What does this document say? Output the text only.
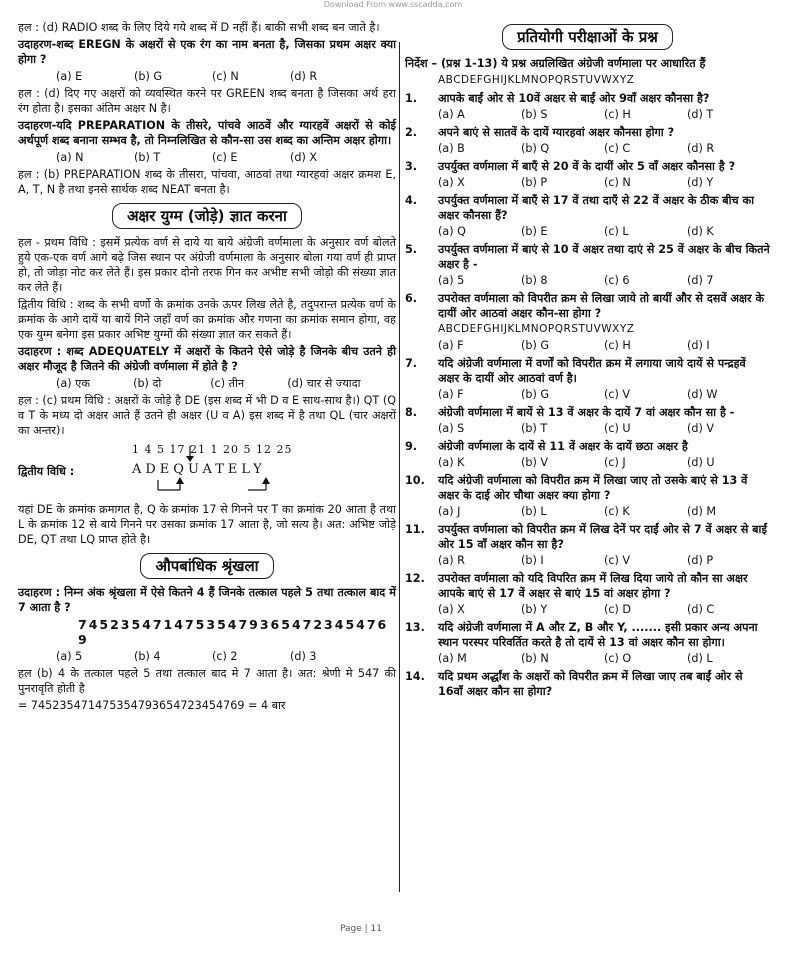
Download From www.sscadda.com

हल : (d) RADIO शब्द के लिए दिये गये शब्द में D नहीं हैं। बाकी सभी शब्द बन जाते है।

उदाहरण-शब्द EREGN के अक्षरों से एक रंग का नाम बनता है, जिसका प्रथम अक्षर क्या होगा ?

(a) E	(b) G	(c) N	(d) R

हल : (d) दिए गए अक्षरों को व्यवस्थित करने पर GREEN शब्द बनता है जिसका अर्थ हरा रंग होता है। इसका अंतिम अक्षर N है।

उदाहरण-यदि PREPARATION के तीसरे, पांचवे आठवें और ग्यारहवें अक्षरों से कोई अर्थपूर्ण शब्द बनाना सम्भव है, तो निम्नलिखित से कौन-सा उस शब्द का अन्तिम अक्षर होगा।

(a) N	(b) T	(c) E	(d) X

हल : (b) PREPARATION शब्द के तीसरा, पांचवा, आठवां तथा ग्यारहवां अक्षर क्रमश E, A, T, N है तथा इनसे सार्थक शब्द NEAT बनता है।

अक्षर युग्म (जोड़े) ज्ञात करना

हल - प्रथम विधि : इसमें प्रत्येक वर्ण से दाये या बाये अंग्रेजी वर्णमाला के अनुसार वर्ण बोलते हुये एक-एक वर्ण आगे बढ़े जिस स्थान पर अंग्रेजी वर्णमाला के अनुसार बोला गया वर्ण ही प्राप्त हो, तो जोड़ा नोट कर लेते हैं। इस प्रकार दोनो तरफ गिन कर अभीष्ट सभी जोड़ो की संख्या ज्ञात कर लेते हैं।

द्वितीय विधि : शब्द के सभी वर्णो के क्रमांक उनके ऊपर लिख लेते है, तदुपरान्त प्रत्येक वर्ण के क्रमांक के आगे दायें या बायें गिने जहाँ वर्ण का क्रमांक और गणना का क्रमांक समान होगा, वह एक युग्म बनेगा इस प्रकार अभिष्ट युग्मों की संख्या ज्ञात कर सकते हैं।

उदाहरण : शब्द ADEQUATELY में अक्षरों के कितने ऐसे जोड़े है जिनके बीच उतने ही अक्षर मौजूद है जितने की अंग्रेजी वर्णमाला में होते है ?

(a) एक	(b) दो	(c) तीन	(d) चार से ज्यादा

हल : (c) प्रथम विधि : अक्षरों के जोड़े है DE (इस शब्द में भी D व E साथ-साथ है।) QT (Q व T के मध्य दो अक्षर आते हैं उतने ही अक्षर (U व A) इस शब्द में है तथा QL (चार अक्षरों का अन्तर)।

द्वितीय विधि :
1 4 5 17 21 1 20 5 12 25
ADEQUATELY

यहां DE के क्रमांक क्रमागत है, Q के क्रमांक 17 से गिनने पर T का क्रमांक 20 आता है तथा L के क्रमांक 12 से बाये गिनने पर उसका क्रमांक 17 आता है, जो सत्य है। अत: अभिष्ट जोड़े DE, QT तथा LQ प्राप्त होते है।

औपबांधिक श्रृंखला

उदाहरण : निम्न अंक श्रृंखला में ऐसे कितने 4 हैं जिनके तत्काल पहले 5 तथा तत्काल बाद में 7 आता है ?

74523547147535479365472345476 9
(a) 5	(b) 4	(c) 2	(d) 3

हल (b) 4 के तत्काल पहले 5 तथा तत्काल बाद मे 7 आता है। अत: श्रेणी मे 547 की पुनरावृति होती है

= 745235471475354793654723454769 = 4 बार

प्रतियोगी परीक्षाओं के प्रश्न

निर्देश – (प्रश्न 1-13) ये प्रश्न अग्रलिखित अंग्रेजी वर्णमाला पर आधारित हैं

ABCDEFGHIJKLMNOPQRSTUVWXYZ
1.	आपके बाईं ओर से 10वें अक्षर से बाईं ओर 9वाँ अक्षर कौनसा है?
(a) A	(b) S	(c) H	(d) T
2.	अपने बाएं से सातवें के दायें ग्यारहवां अक्षर कौनसा होगा ?
(a) B	(b) Q	(c) C	(d) R
3.	उपर्युक्त वर्णमाला में बाएँ से 20 वें के दायीं ओर 5 वाँ अक्षर कौनसा है ?
(a) X	(b) P	(c) N	(d) Y
4.	उपर्युक्त वर्णमाला में बाएँ से 17 वें तथा दाएँ से 22 वें अक्षर के ठीक बीच का अक्षर कौनसा हैं?
(a) Q	(b) E	(c) L	(d) K
5.	उपर्युक्त वर्णमाला में बाएं से 10 वें अक्षर तथा दाएं से 25 वें अक्षर के बीच कितने अक्षर है -
(a) 5	(b) 8	(c) 6	(d) 7
6.	उपरोक्त वर्णमाला को विपरीत क्रम से लिखा जाये तो बायीं और से दसवें अक्षर के दायीं ओर आठवां अक्षर कौन-सा होगा ?
ABCDEFGHIJKLMNOPQRSTUVWXYZ
(a) F	(b) G	(c) H	(d) I
7.	यदि अंग्रेजी वर्णमाला में वर्णों को विपरीत क्रम में लगाया जाये दायें से पन्द्रहवें अक्षर के दायीं ओर आठवां वर्ण है।
(a) F	(b) G	(c) V	(d) W
8.	अंग्रेजी वर्णमाला में बायें से 13 वें अक्षर के दायें 7 वां अक्षर कौन सा है -
(a) S	(b) T	(c) U	(d) V
9.	अंग्रेजी वर्णमाला के दायें से 11 वें अक्षर के दायें छठा अक्षर है
(a) K	(b) V	(c) J	(d) U
10.	यदि अंग्रेजी वर्णमाला को विपरीत क्रम में लिखा जाए तो उसके बाएं से 13 वें अक्षर के दाई ओर चौथा अक्षर क्या होगा ?
(a) J	(b) L	(c) K	(d) M
11.	उपर्युक्त वर्णमाला को विपरीत क्रम में लिख देनें पर दाईं ओर से 7 वें अक्षर से बाईं ओर 15 वाँ अक्षर कौन सा है?
(a) R	(b) I	(c) V	(d) P
12.	उपरोक्त वर्णमाला को यदि विपरित क्रम में लिख दिया जाये तो कौन सा अक्षर आपके बाएं से 17 वें अक्षर से बाएं 15 वां अक्षर होगा ?
(a) X	(b) Y	(c) D	(d) C
13.	यदि अंग्रेजी वर्णमाला में A और Z, B और Y, ....... इसी प्रकार अन्य अपना स्थान परस्पर परिवर्तित करते है तो दायें से 13 वां अक्षर कौन सा होगा।
(a) M	(b) N	(c) O	(d) L
14.	यदि प्रथम अर्द्धांश के अक्षरों को विपरीत क्रम में लिखा जाए तब बाईं ओर से 16वाँ अक्षर कौन सा होगा?
Page | 11
